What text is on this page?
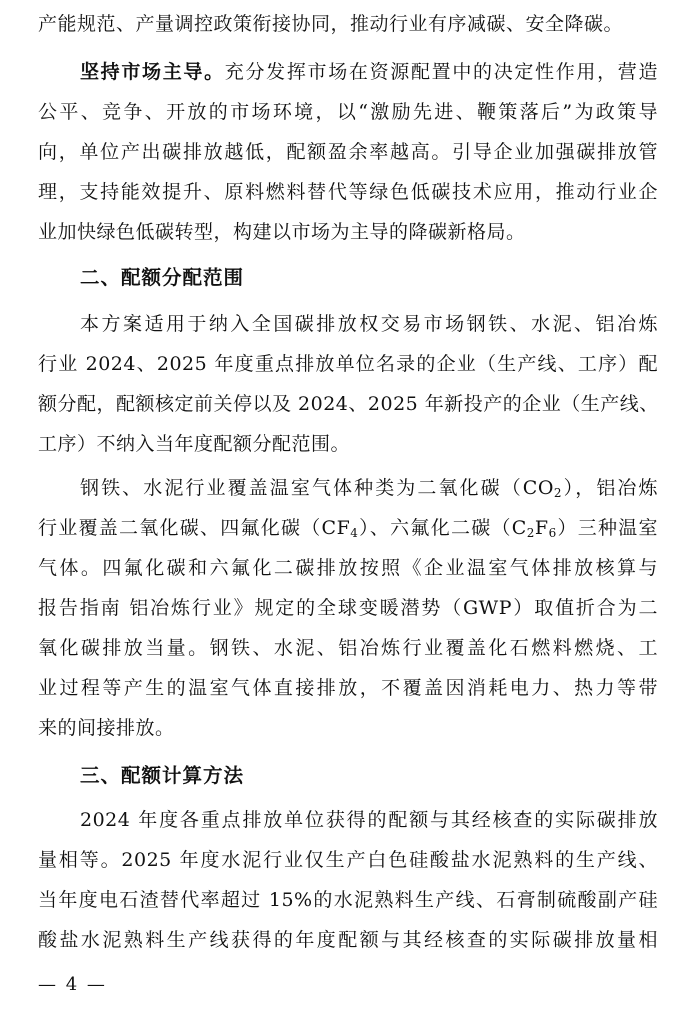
产能规范、产量调控政策衔接协同，推动行业有序减碳、安全降碳。
坚持市场主导。充分发挥市场在资源配置中的决定性作用，营造
公平、竞争、开放的市场环境，以“激励先进、鞭策落后”为政策导
向，单位产出碳排放越低，配额盈余率越高。引导企业加强碳排放管
理，支持能效提升、原料燃料替代等绿色低碳技术应用，推动行业企
业加快绿色低碳转型，构建以市场为主导的降碳新格局。
二、配额分配范围
本方案适用于纳入全国碳排放权交易市场钢铁、水泥、铝冶炼
行业 2024、2025 年度重点排放单位名录的企业（生产线、工序）配
额分配，配额核定前关停以及 2024、2025 年新投产的企业（生产线、
工序）不纳入当年度配额分配范围。
钢铁、水泥行业覆盖温室气体种类为二氧化碳$(CO_2)$，铝冶炼
行业覆盖二氧化碳、四氟化碳$(CF_4)$、六氟化二碳$(C_2F_6)$三种温室
气体。四氟化碳和六氟化二碳排放按照《企业温室气体排放核算与
报告指南 铝冶炼行业》规定的全球变暖潜势（GWP）取值折合为二
氧化碳排放当量。钢铁、水泥、铝冶炼行业覆盖化石燃料燃烧、工
业过程等产生的温室气体直接排放，不覆盖因消耗电力、热力等带
来的间接排放。
三、配额计算方法
2024 年度各重点排放单位获得的配额与其经核查的实际碳排放
量相等。2025 年度水泥行业仅生产白色硅酸盐水泥熟料的生产线、
当年度电石渣替代率超过 15%的水泥熟料生产线、石膏制硫酸副产硅
酸盐水泥熟料生产线获得的年度配额与其经核查的实际碳排放量相
— 4 —
